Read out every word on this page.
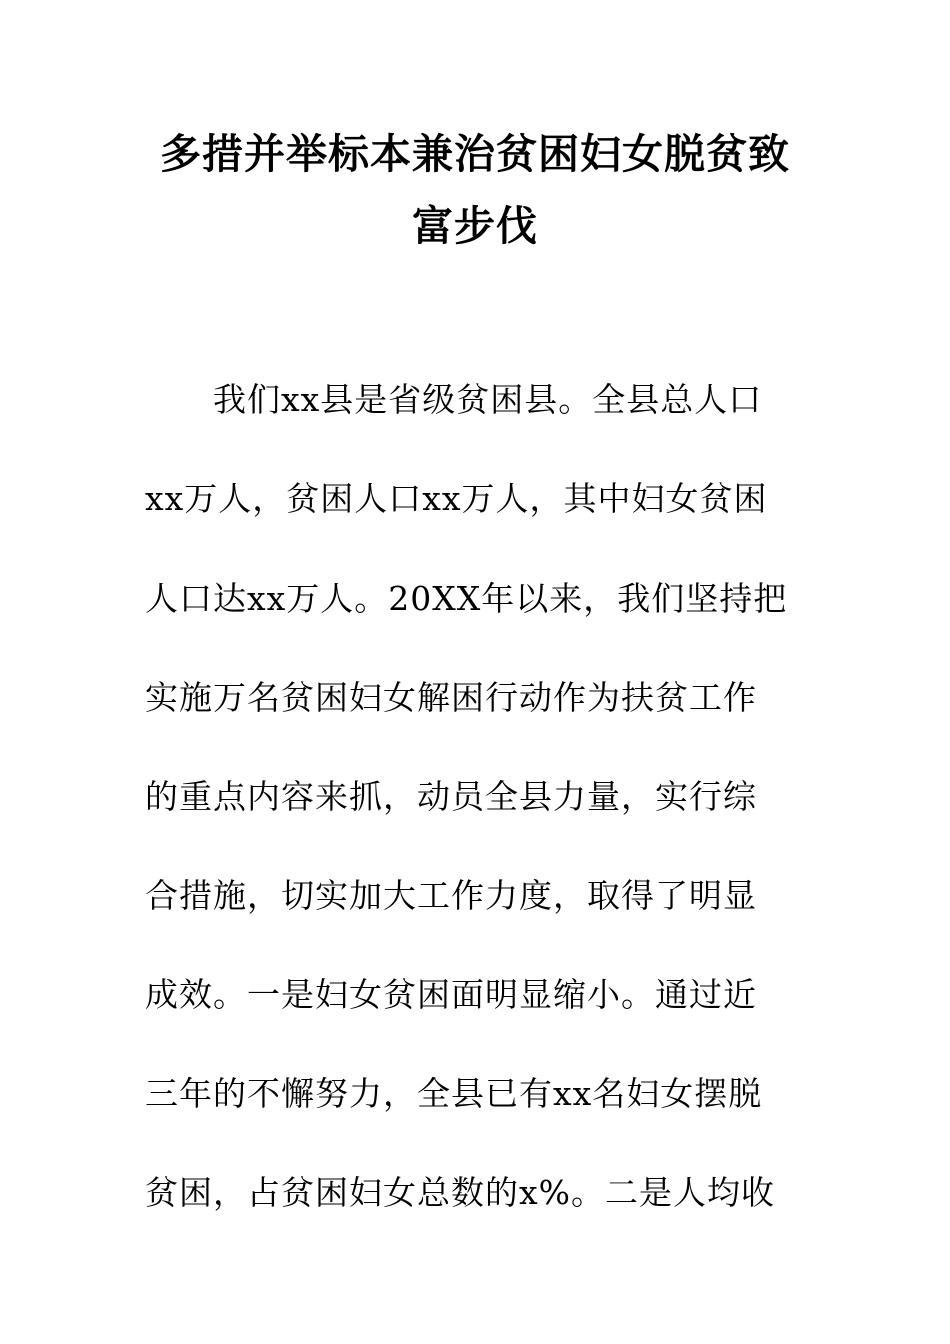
多措并举标本兼治贫困妇女脱贫致
富步伐
我们xx县是省级贫困县。全县总人口
xx万人，贫困人口xx万人，其中妇女贫困
人口达xx万人。20XX年以来，我们坚持把
实施万名贫困妇女解困行动作为扶贫工作
的重点内容来抓，动员全县力量，实行综
合措施，切实加大工作力度，取得了明显
成效。一是妇女贫困面明显缩小。通过近
三年的不懈努力，全县已有xx名妇女摆脱
贫困，占贫困妇女总数的x%。二是人均收
